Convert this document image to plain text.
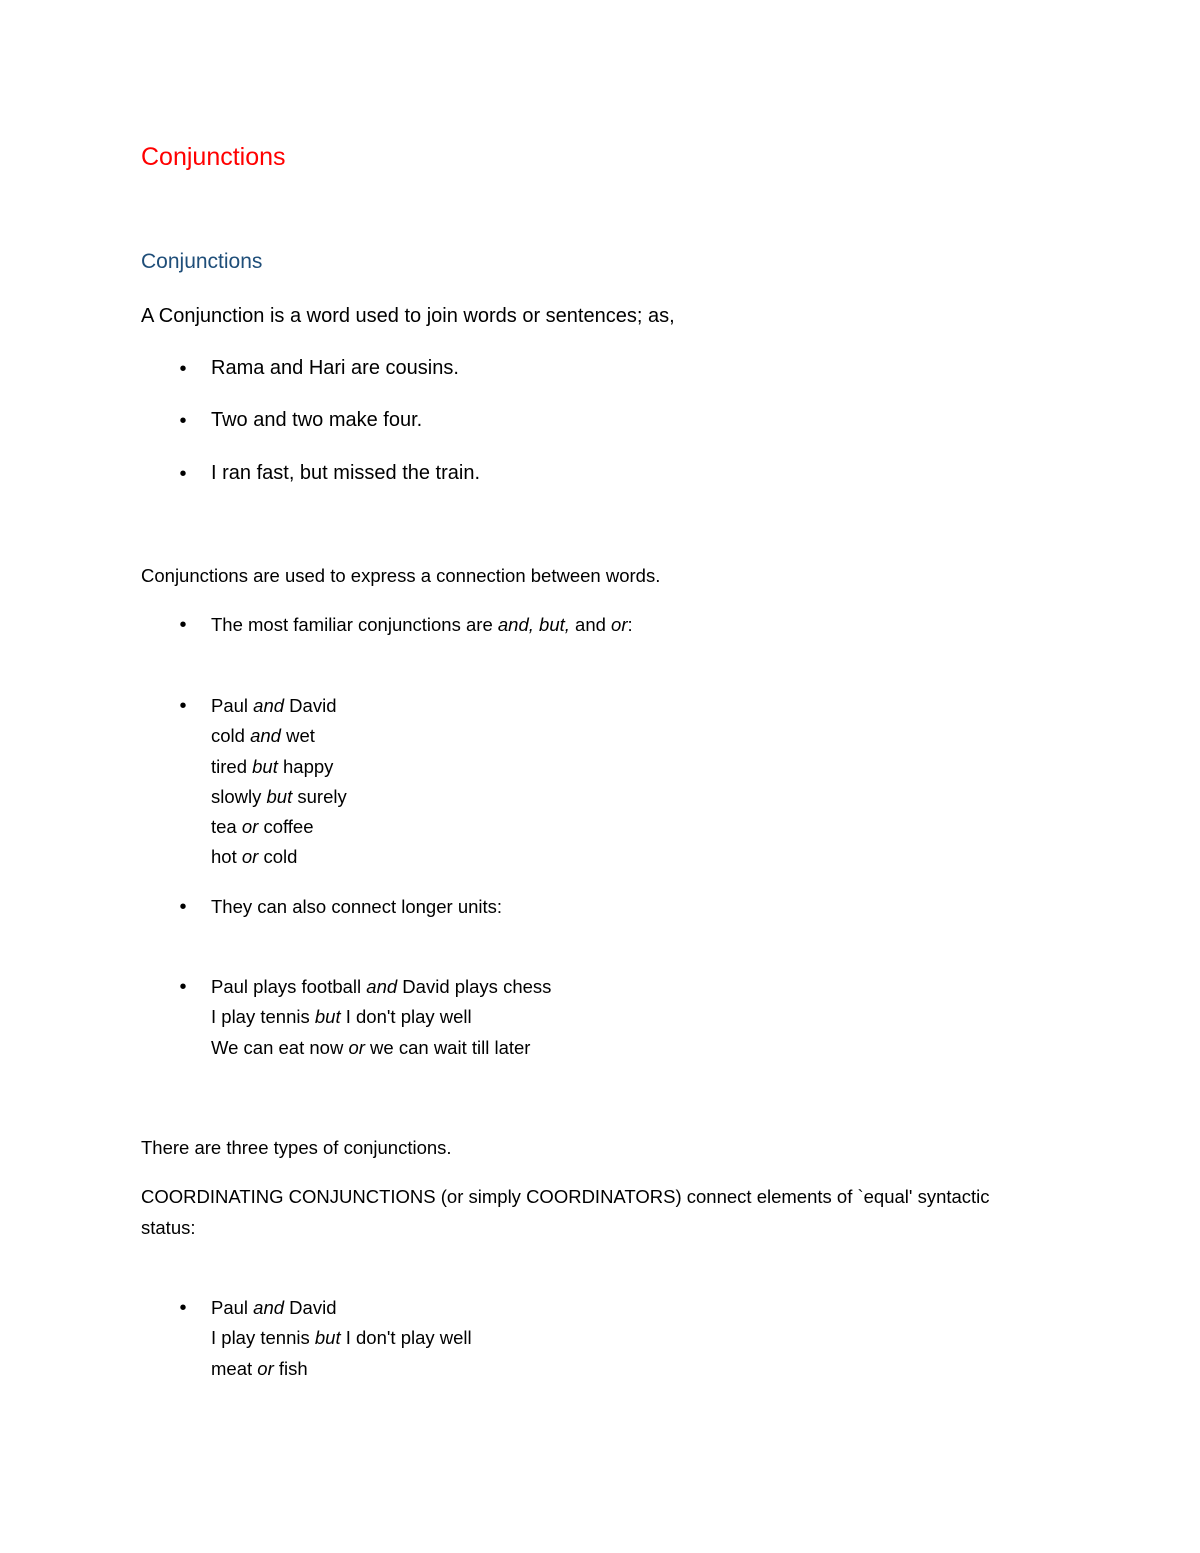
Conjunctions
Conjunctions
A Conjunction is a word used to join words or sentences; as,
• Rama and Hari are cousins.
• Two and two make four.
• I ran fast, but missed the train.
Conjunctions are used to express a connection between words.
• The most familiar conjunctions are and, but, and or:
• Paul and David
cold and wet
tired but happy
slowly but surely
tea or coffee
hot or cold
• They can also connect longer units:
• Paul plays football and David plays chess
I play tennis but I don't play well
We can eat now or we can wait till later
There are three types of conjunctions.
COORDINATING CONJUNCTIONS (or simply COORDINATORS) connect elements of `equal' syntactic
status:
• Paul and David
I play tennis but I don't play well
meat or fish
